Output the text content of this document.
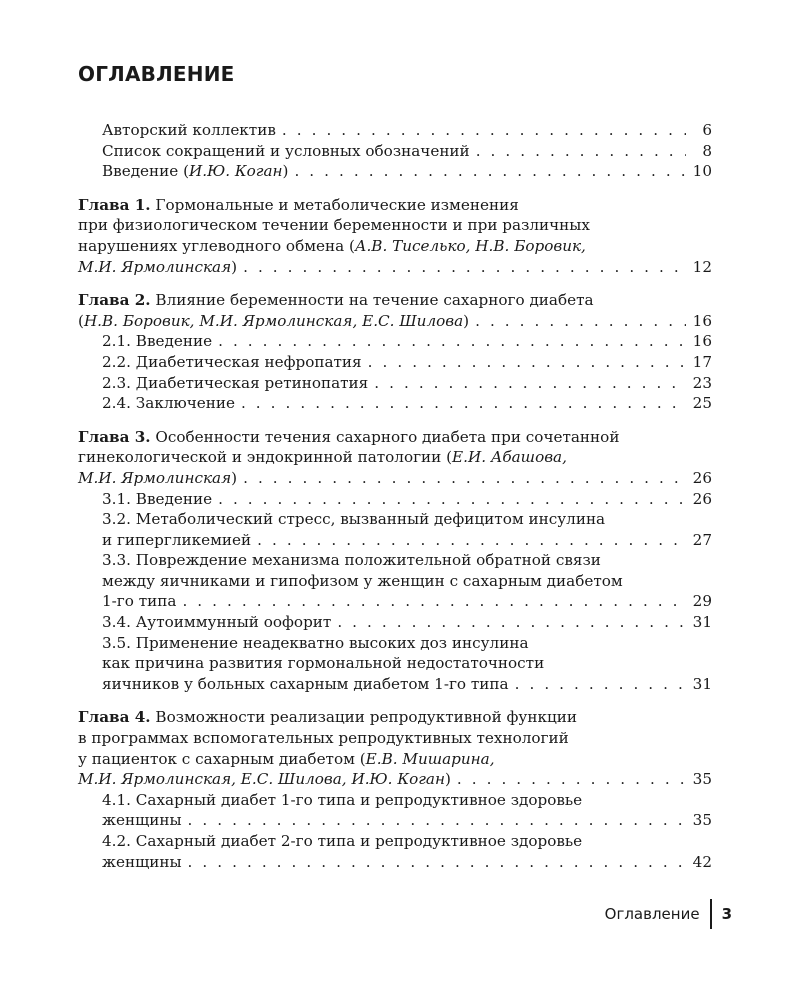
ОГЛАВЛЕНИЕ
Авторский коллектив . . .	6
Список сокращений и условных обозначений . . .	8
Введение (И.Ю. Коган) . . .	10
Глава 1. Гормональные и метаболические изменения
при физиологическом течении беременности и при различных
нарушениях углеводного обмена (А.В. Тиселько, Н.В. Боровик,
М.И. Ярмолинская) . . .	12
Глава 2. Влияние беременности на течение сахарного диабета
(Н.В. Боровик, М.И. Ярмолинская, Е.С. Шилова) . . .	16
2.1. Введение . . .	16
2.2. Диабетическая нефропатия . . .	17
2.3. Диабетическая ретинопатия . . .	23
2.4. Заключение . . .	25
Глава 3. Особенности течения сахарного диабета при сочетанной
гинекологической и эндокринной патологии (Е.И. Абашова,
М.И. Ярмолинская) . . .	26
3.1. Введение . . .	26
3.2. Метаболический стресс, вызванный дефицитом инсулина
и гипергликемией . . .	27
3.3. Повреждение механизма положительной обратной связи
между яичниками и гипофизом у женщин с сахарным диабетом
1-го типа . . .	29
3.4. Аутоиммунный оофорит . . .	31
3.5. Применение неадекватно высоких доз инсулина
как причина развития гормональной недостаточности
яичников у больных сахарным диабетом 1-го типа . . .	31
Глава 4. Возможности реализации репродуктивной функции
в программах вспомогательных репродуктивных технологий
у пациенток с сахарным диабетом (Е.В. Мишарина,
М.И. Ярмолинская, Е.С. Шилова, И.Ю. Коган) . . .	35
4.1. Сахарный диабет 1-го типа и репродуктивное здоровье
женщины . . .	35
4.2. Сахарный диабет 2-го типа и репродуктивное здоровье
женщины . . .	42
Оглавление 3
